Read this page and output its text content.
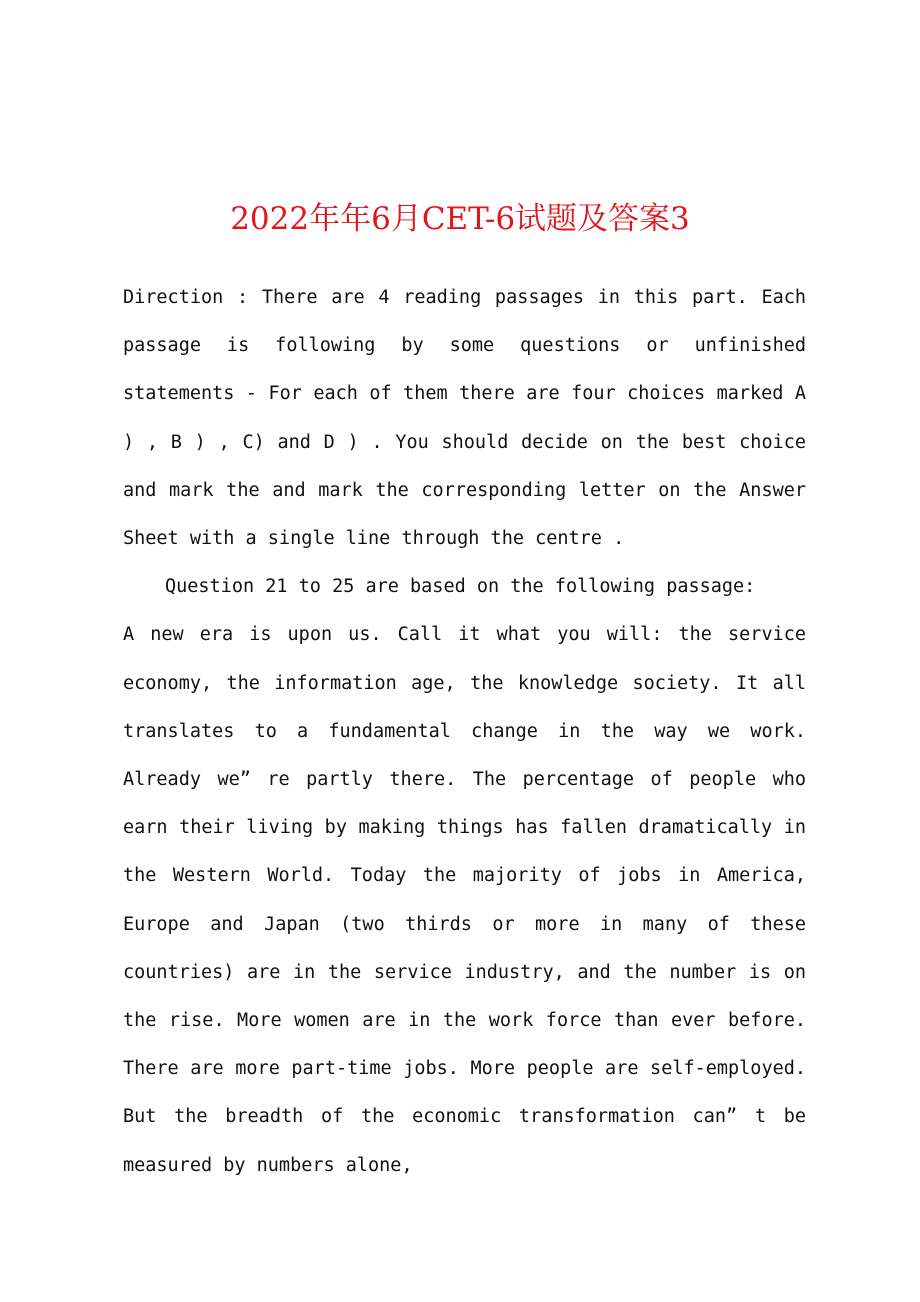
2022年年6月CET-6试题及答案3

Direction : There are 4 reading passages in this part. Each passage is following by some questions or unfinished statements - For each of them there are four choices marked A ) , B ) , C) and D ) . You should decide on the best choice and mark the and mark the corresponding letter on the Answer Sheet with a single line through the centre .

Question 21 to 25 are based on the following passage:

A new era is upon us. Call it what you will: the service economy, the information age, the knowledge society. It all translates to a fundamental change in the way we work. Already we” re partly there. The percentage of people who earn their living by making things has fallen dramatically in the Western World. Today the majority of jobs in America, Europe and Japan (two thirds or more in many of these countries) are in the service industry, and the number is on the rise. More women are in the work force than ever before. There are more part-time jobs. More people are self-employed. But the breadth of the economic transformation can” t be measured by numbers alone,
